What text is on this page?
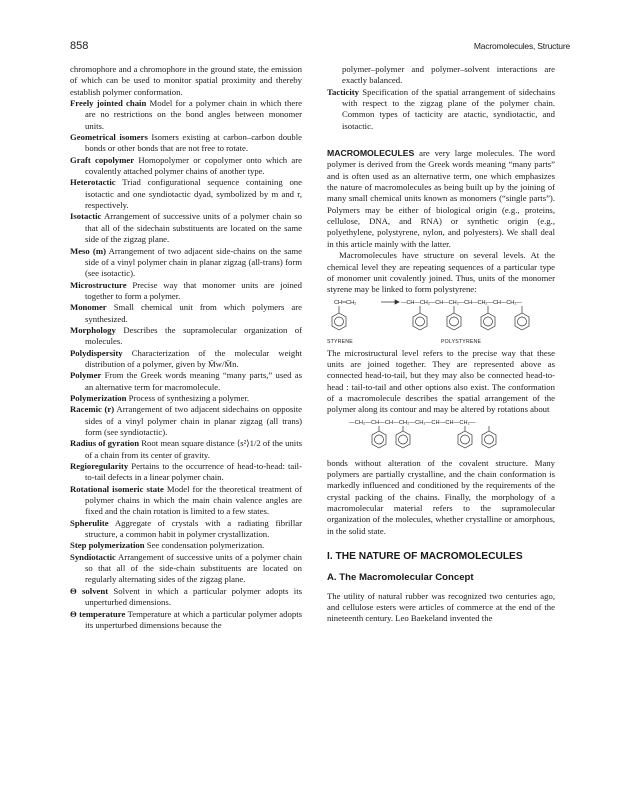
858	Macromolecules, Structure
chromophore and a chromophore in the ground state, the emission of which can be used to monitor spatial proximity and thereby establish polymer conformation.
Freely jointed chain Model for a polymer chain in which there are no restrictions on the bond angles between monomer units.
Geometrical isomers Isomers existing at carbon–carbon double bonds or other bonds that are not free to rotate.
Graft copolymer Homopolymer or copolymer onto which are covalently attached polymer chains of another type.
Heterotactic Triad configurational sequence containing one isotactic and one syndiotactic dyad, symbolized by m and r, respectively.
Isotactic Arrangement of successive units of a polymer chain so that all of the sidechain substituents are located on the same side of the zigzag plane.
Meso (m) Arrangement of two adjacent side-chains on the same side of a vinyl polymer chain in planar zigzag (all-trans) form (see isotactic).
Microstructure Precise way that monomer units are joined together to form a polymer.
Monomer Small chemical unit from which polymers are synthesized.
Morphology Describes the supramolecular organization of molecules.
Polydispersity Characterization of the molecular weight distribution of a polymer, given by M̄w/M̄n.
Polymer From the Greek words meaning “many parts,” used as an alternative term for macromolecule.
Polymerization Process of synthesizing a polymer.
Racemic (r) Arrangement of two adjacent sidechains on opposite sides of a vinyl polymer chain in planar zigzag (all trans) form (see syndiotactic).
Radius of gyration Root mean square distance ⟨s²⟩1/2 of the units of a chain from its center of gravity.
Regioregularity Pertains to the occurrence of head-to-head: tail-to-tail defects in a linear polymer chain.
Rotational isomeric state Model for the theoretical treatment of polymer chains in which the main chain valence angles are fixed and the chain rotation is limited to a few states.
Spherulite Aggregate of crystals with a radiating fibrillar structure, a common habit in polymer crystallization.
Step polymerization See condensation polymerization.
Syndiotactic Arrangement of successive units of a polymer chain so that all of the side-chain substituents are located on regularly alternating sides of the zigzag plane.
Θ solvent Solvent in which a particular polymer adopts its unperturbed dimensions.
Θ temperature Temperature at which a particular polymer adopts its unperturbed dimensions because the
polymer–polymer and polymer–solvent interactions are exactly balanced.
Tacticity Specification of the spatial arrangement of sidechains with respect to the zigzag plane of the polymer chain. Common types of tacticity are atactic, syndiotactic, and isotactic.
MACROMOLECULES are very large molecules. The word polymer is derived from the Greek words meaning “many parts” and is often used as an alternative term, one which emphasizes the nature of macromolecules as being built up by the joining of many small chemical units known as monomers (“single parts”). Polymers may be either of biological origin (e.g., proteins, cellulose, DNA, and RNA) or synthetic origin (e.g., polyethylene, polystyrene, nylon, and polyesters). We shall deal in this article mainly with the latter.
Macromolecules have structure on several levels. At the chemical level they are repeating sequences of a particular type of monomer unit covalently joined. Thus, units of the monomer styrene may be linked to form polystyrene:
CH═CH₂	—CH—CH₂—CH—CH₂—CH—CH₂—CH—CH₂—
STYRENE	POLYSTYRENE
The microstructural level refers to the precise way that these units are joined together. They are represented above as connected head-to-tail, but they may also be connected head-to-head : tail-to-tail and other options also exist. The conformation of a macromolecule describes the spatial arrangement of the polymer along its contour and may be altered by rotations about
—CH₂—CH—CH—CH₂—CH₂—CH—CH—CH₂—
bonds without alteration of the covalent structure. Many polymers are partially crystalline, and the chain conformation is markedly influenced and conditioned by the requirements of the crystal packing of the chains. Finally, the morphology of a macromolecular material refers to the supramolecular organization of the molecules, whether crystalline or amorphous, in the solid state.
I. THE NATURE OF MACROMOLECULES
A. The Macromolecular Concept
The utility of natural rubber was recognized two centuries ago, and cellulose esters were articles of commerce at the end of the nineteenth century. Leo Baekeland invented the
